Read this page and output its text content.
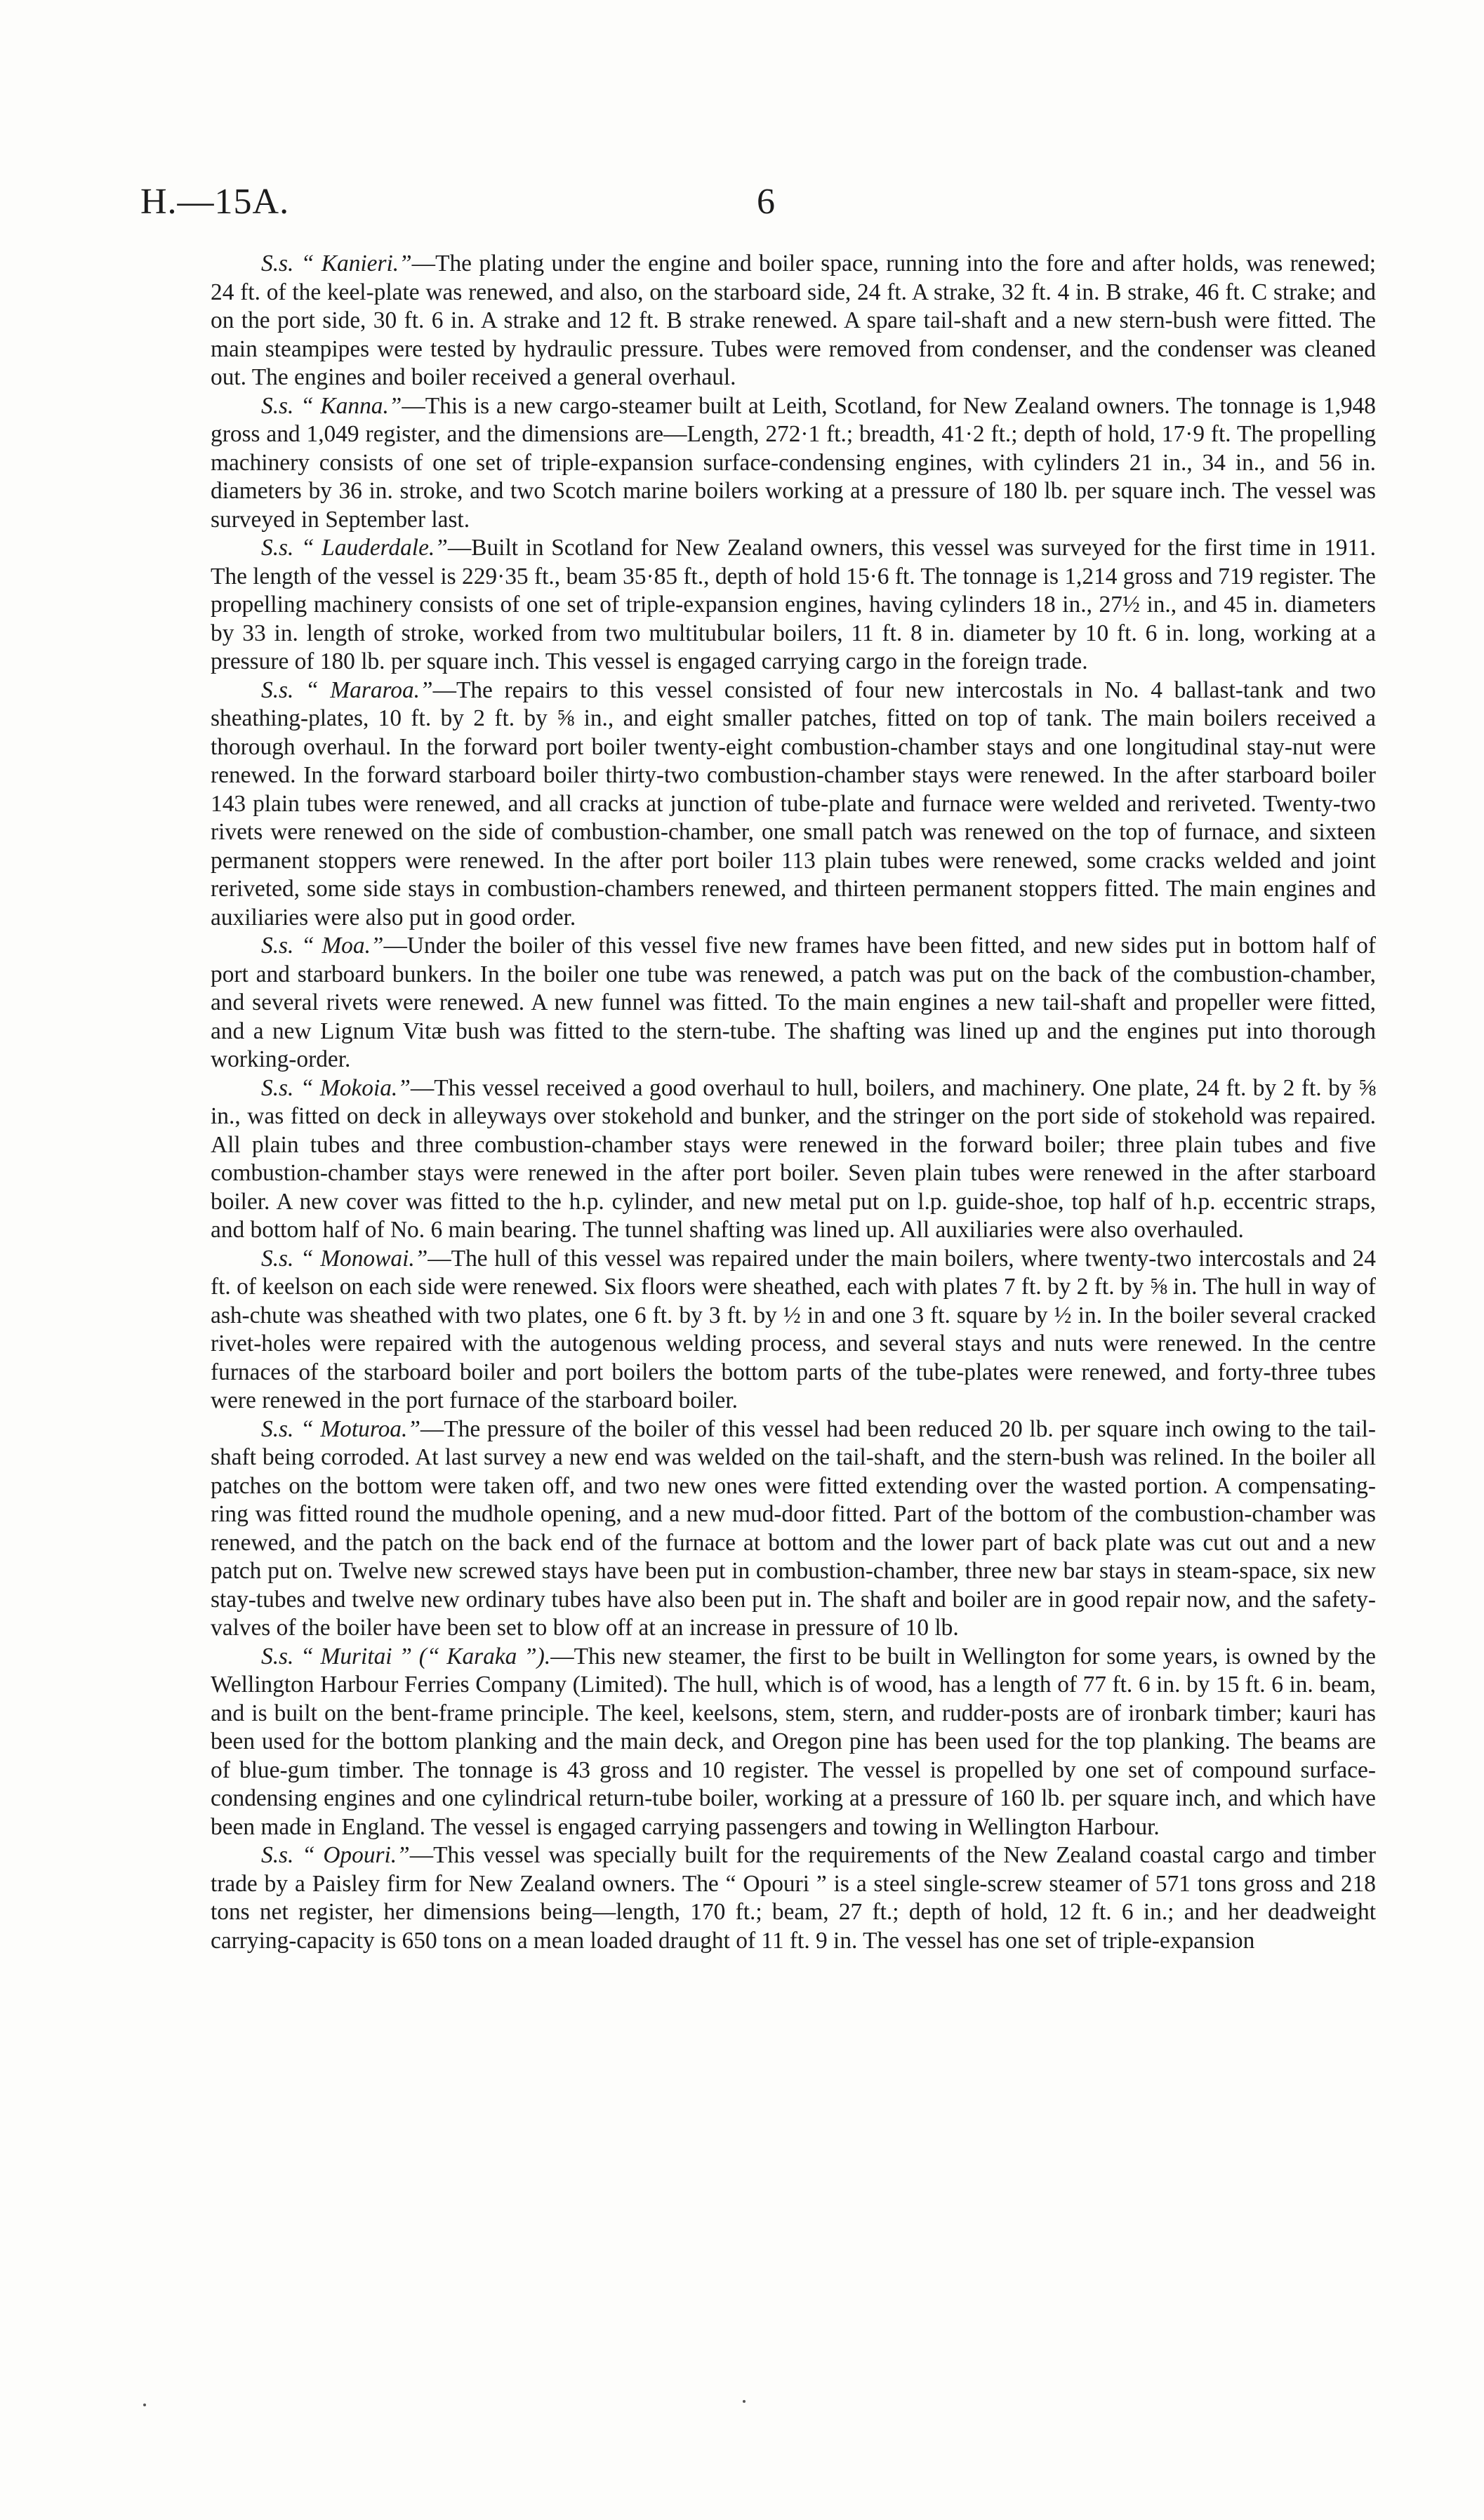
H.—15A.	6

S.s. “ Kanieri.”—The plating under the engine and boiler space, running into the fore and after holds, was renewed; 24 ft. of the keel-plate was renewed, and also, on the starboard side, 24 ft. A strake, 32 ft. 4 in. B strake, 46 ft. C strake; and on the port side, 30 ft. 6 in. A strake and 12 ft. B strake renewed. A spare tail-shaft and a new stern-bush were fitted. The main steampipes were tested by hydraulic pressure. Tubes were removed from condenser, and the condenser was cleaned out. The engines and boiler received a general overhaul.

S.s. “ Kanna.”—This is a new cargo-steamer built at Leith, Scotland, for New Zealand owners. The tonnage is 1,948 gross and 1,049 register, and the dimensions are—Length, 272·1 ft.; breadth, 41·2 ft.; depth of hold, 17·9 ft. The propelling machinery consists of one set of triple-expansion surface-condensing engines, with cylinders 21 in., 34 in., and 56 in. diameters by 36 in. stroke, and two Scotch marine boilers working at a pressure of 180 lb. per square inch. The vessel was surveyed in September last.

S.s. “ Lauderdale.”—Built in Scotland for New Zealand owners, this vessel was surveyed for the first time in 1911. The length of the vessel is 229·35 ft., beam 35·85 ft., depth of hold 15·6 ft. The tonnage is 1,214 gross and 719 register. The propelling machinery consists of one set of triple-expansion engines, having cylinders 18 in., 27½ in., and 45 in. diameters by 33 in. length of stroke, worked from two multitubular boilers, 11 ft. 8 in. diameter by 10 ft. 6 in. long, working at a pressure of 180 lb. per square inch. This vessel is engaged carrying cargo in the foreign trade.

S.s. “ Mararoa.”—The repairs to this vessel consisted of four new intercostals in No. 4 ballast-tank and two sheathing-plates, 10 ft. by 2 ft. by ⅝ in., and eight smaller patches, fitted on top of tank. The main boilers received a thorough overhaul. In the forward port boiler twenty-eight combustion-chamber stays and one longitudinal stay-nut were renewed. In the forward starboard boiler thirty-two combustion-chamber stays were renewed. In the after starboard boiler 143 plain tubes were renewed, and all cracks at junction of tube-plate and furnace were welded and reriveted. Twenty-two rivets were renewed on the side of combustion-chamber, one small patch was renewed on the top of furnace, and sixteen permanent stoppers were renewed. In the after port boiler 113 plain tubes were renewed, some cracks welded and joint reriveted, some side stays in combustion-chambers renewed, and thirteen permanent stoppers fitted. The main engines and auxiliaries were also put in good order.

S.s. “ Moa.”—Under the boiler of this vessel five new frames have been fitted, and new sides put in bottom half of port and starboard bunkers. In the boiler one tube was renewed, a patch was put on the back of the combustion-chamber, and several rivets were renewed. A new funnel was fitted. To the main engines a new tail-shaft and propeller were fitted, and a new Lignum Vitæ bush was fitted to the stern-tube. The shafting was lined up and the engines put into thorough working-order.

S.s. “ Mokoia.”—This vessel received a good overhaul to hull, boilers, and machinery. One plate, 24 ft. by 2 ft. by ⅝ in., was fitted on deck in alleyways over stokehold and bunker, and the stringer on the port side of stokehold was repaired. All plain tubes and three combustion-chamber stays were renewed in the forward boiler; three plain tubes and five combustion-chamber stays were renewed in the after port boiler. Seven plain tubes were renewed in the after starboard boiler. A new cover was fitted to the h.p. cylinder, and new metal put on l.p. guide-shoe, top half of h.p. eccentric straps, and bottom half of No. 6 main bearing. The tunnel shafting was lined up. All auxiliaries were also overhauled.

S.s. “ Monowai.”—The hull of this vessel was repaired under the main boilers, where twenty-two intercostals and 24 ft. of keelson on each side were renewed. Six floors were sheathed, each with plates 7 ft. by 2 ft. by ⅝ in. The hull in way of ash-chute was sheathed with two plates, one 6 ft. by 3 ft. by ½ in and one 3 ft. square by ½ in. In the boiler several cracked rivet-holes were repaired with the autogenous welding process, and several stays and nuts were renewed. In the centre furnaces of the starboard boiler and port boilers the bottom parts of the tube-plates were renewed, and forty-three tubes were renewed in the port furnace of the starboard boiler.

S.s. “ Moturoa.”—The pressure of the boiler of this vessel had been reduced 20 lb. per square inch owing to the tail-shaft being corroded. At last survey a new end was welded on the tail-shaft, and the stern-bush was relined. In the boiler all patches on the bottom were taken off, and two new ones were fitted extending over the wasted portion. A compensating-ring was fitted round the mudhole opening, and a new mud-door fitted. Part of the bottom of the combustion-chamber was renewed, and the patch on the back end of the furnace at bottom and the lower part of back plate was cut out and a new patch put on. Twelve new screwed stays have been put in combustion-chamber, three new bar stays in steam-space, six new stay-tubes and twelve new ordinary tubes have also been put in. The shaft and boiler are in good repair now, and the safety-valves of the boiler have been set to blow off at an increase in pressure of 10 lb.

S.s. “ Muritai ” (“ Karaka ”).—This new steamer, the first to be built in Wellington for some years, is owned by the Wellington Harbour Ferries Company (Limited). The hull, which is of wood, has a length of 77 ft. 6 in. by 15 ft. 6 in. beam, and is built on the bent-frame principle. The keel, keelsons, stem, stern, and rudder-posts are of ironbark timber; kauri has been used for the bottom planking and the main deck, and Oregon pine has been used for the top planking. The beams are of blue-gum timber. The tonnage is 43 gross and 10 register. The vessel is propelled by one set of compound surface-condensing engines and one cylindrical return-tube boiler, working at a pressure of 160 lb. per square inch, and which have been made in England. The vessel is engaged carrying passengers and towing in Wellington Harbour.

S.s. “ Opouri.”—This vessel was specially built for the requirements of the New Zealand coastal cargo and timber trade by a Paisley firm for New Zealand owners. The “ Opouri ” is a steel single-screw steamer of 571 tons gross and 218 tons net register, her dimensions being—length, 170 ft.; beam, 27 ft.; depth of hold, 12 ft. 6 in.; and her deadweight carrying-capacity is 650 tons on a mean loaded draught of 11 ft. 9 in. The vessel has one set of triple-expansion
